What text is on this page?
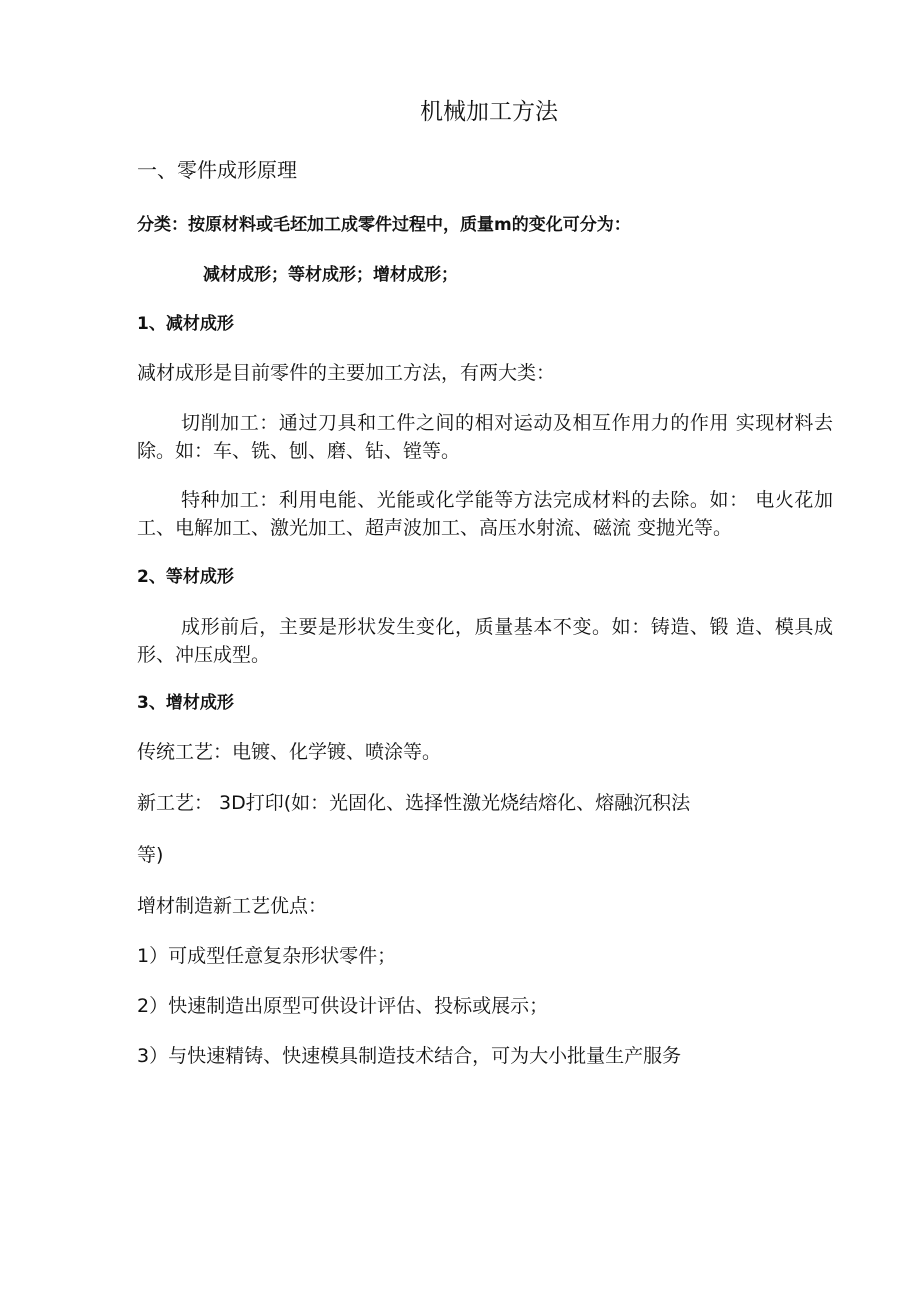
机械加工方法
一、零件成形原理
分类：按原材料或毛坯加工成零件过程中，质量m的变化可分为：
减材成形；等材成形；增材成形；
1、减材成形
减材成形是目前零件的主要加工方法，有两大类：
切削加工：通过刀具和工件之间的相对运动及相互作用力的作用 实现材料去除。如：车、铣、刨、磨、钻、镗等。
特种加工：利用电能、光能或化学能等方法完成材料的去除。如： 电火花加工、电解加工、激光加工、超声波加工、高压水射流、磁流 变抛光等。
2、等材成形
成形前后，主要是形状发生变化，质量基本不变。如：铸造、锻 造、模具成形、冲压成型。
3、增材成形
传统工艺：电镀、化学镀、喷涂等。
新工艺： 3D打印(如：光固化、选择性激光烧结熔化、熔融沉积法
等)
增材制造新工艺优点：
1）可成型任意复杂形状零件；
2）快速制造出原型可供设计评估、投标或展示；
3）与快速精铸、快速模具制造技术结合，可为大小批量生产服务
